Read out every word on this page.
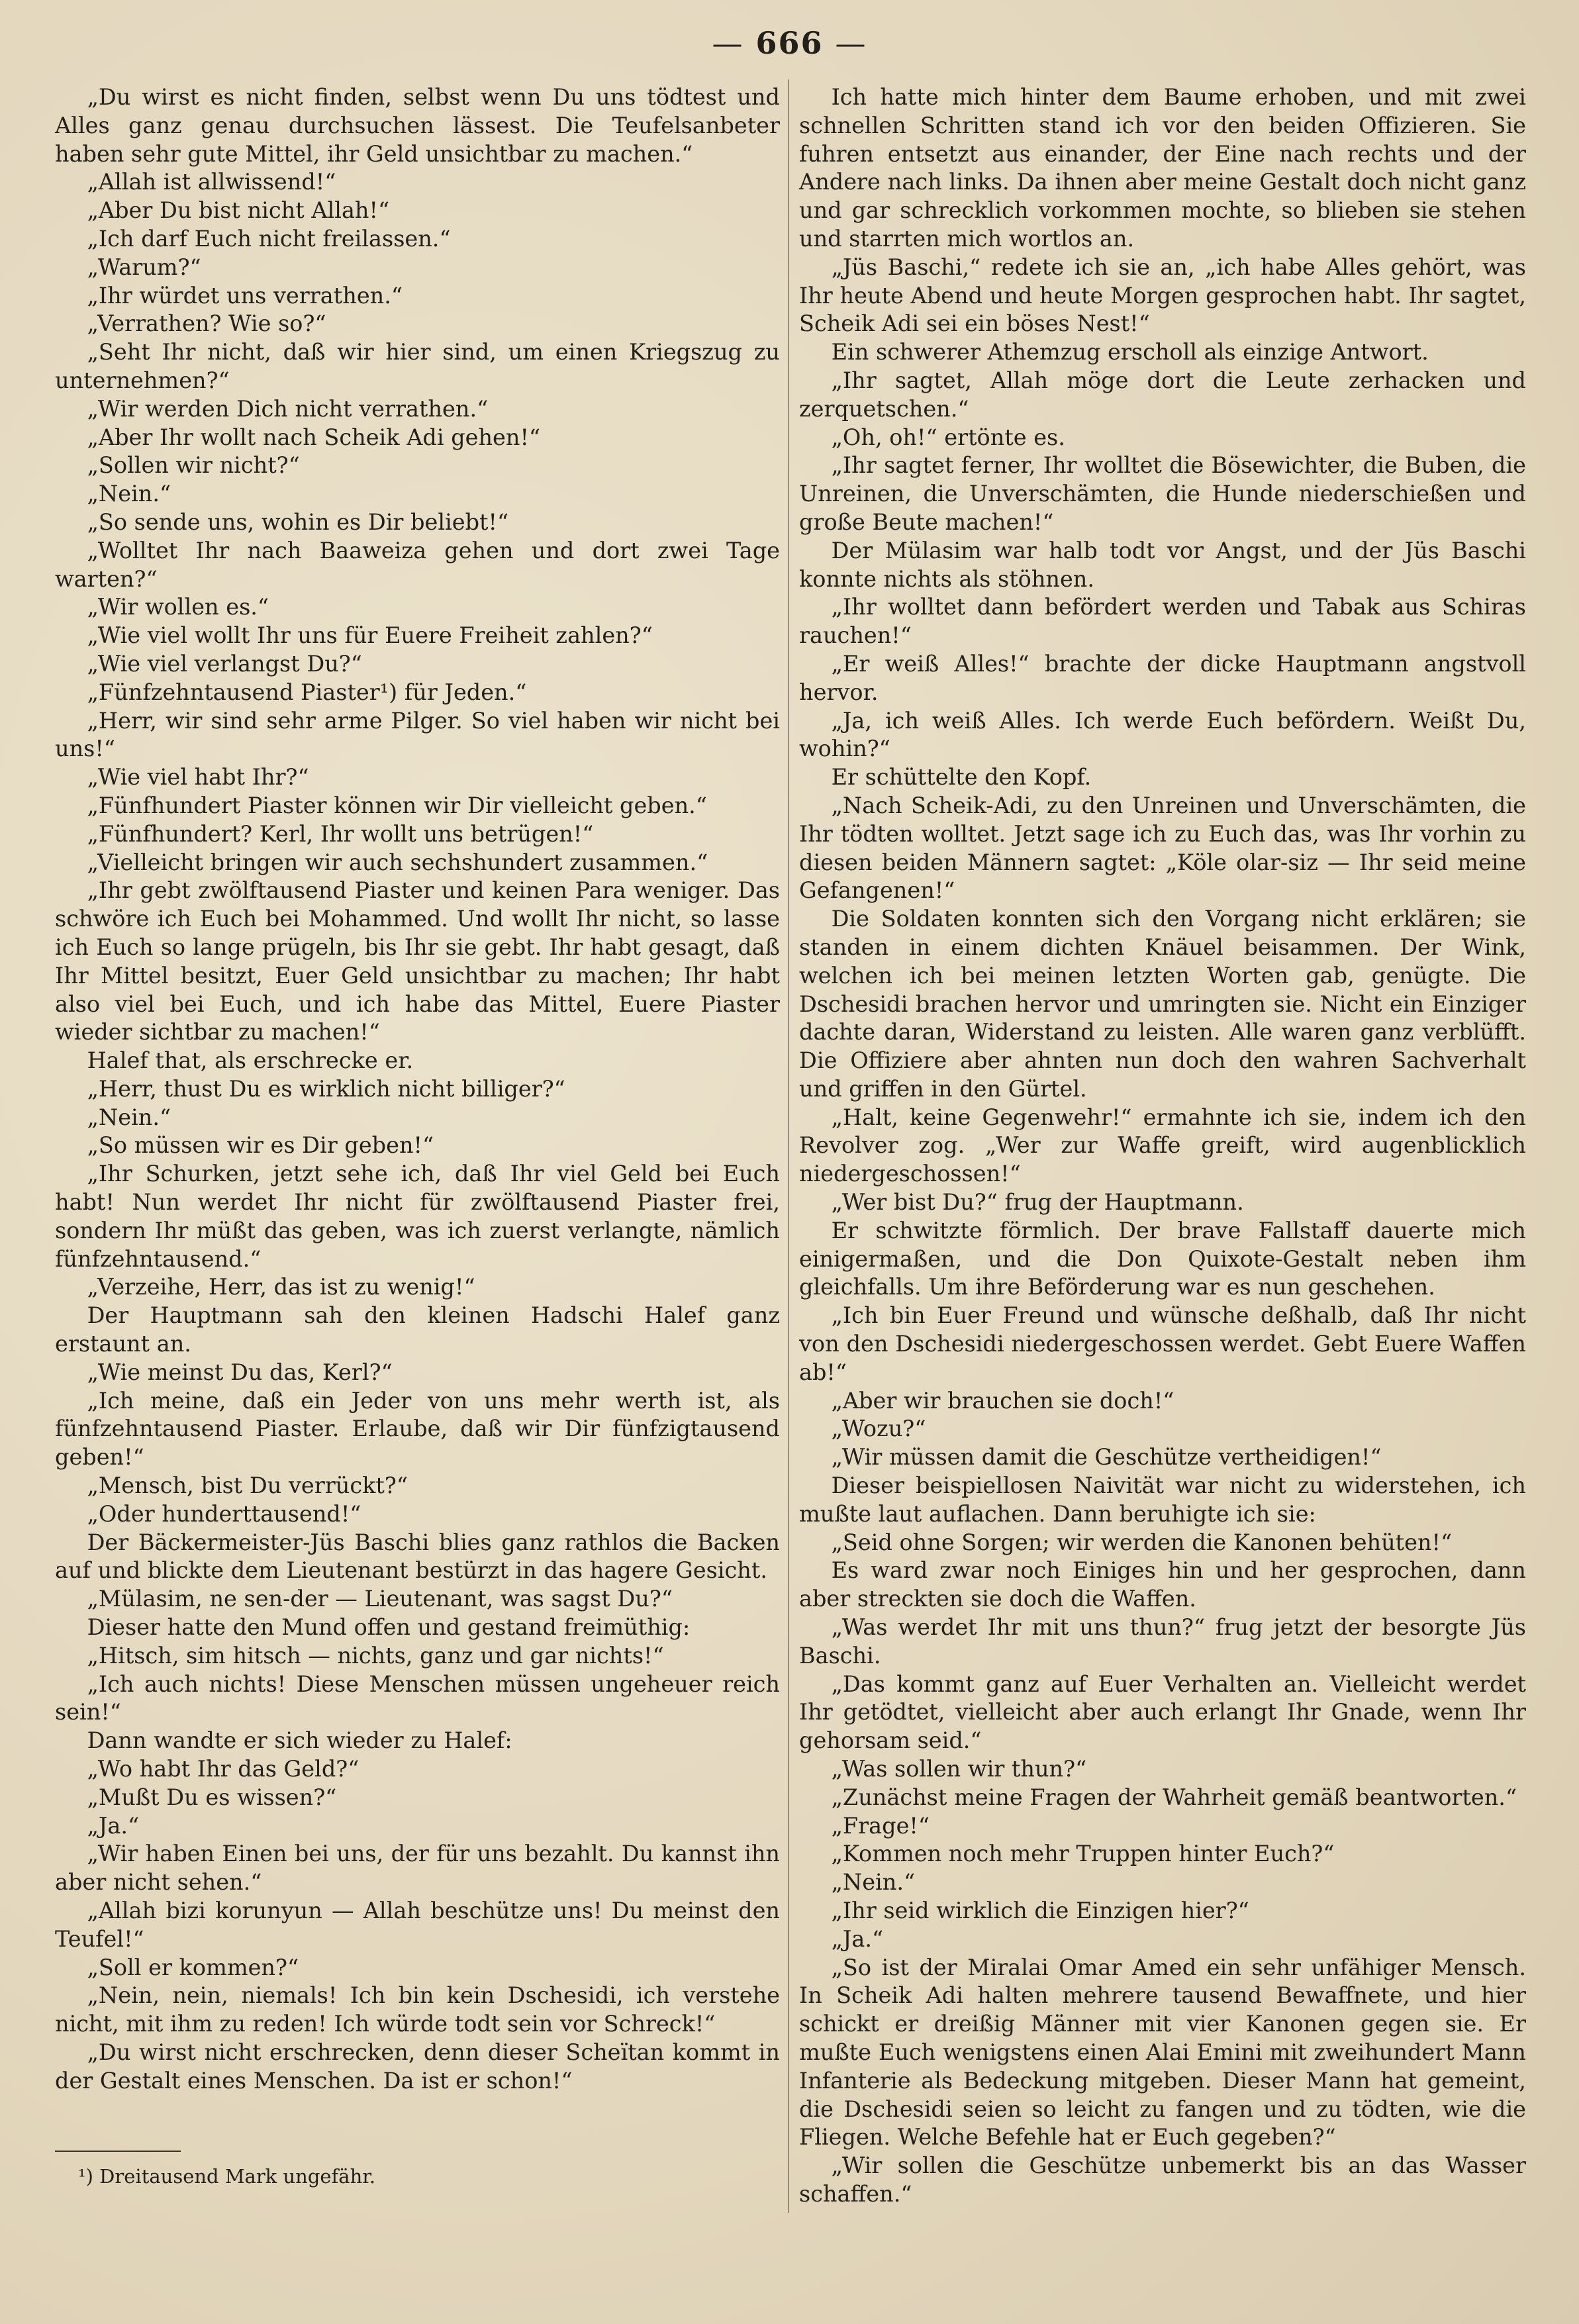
— 666 —

„Du wirst es nicht finden, selbst wenn Du uns tödtest und Alles ganz genau durchsuchen lässest. Die Teufelsanbeter haben sehr gute Mittel, ihr Geld unsichtbar zu machen.“

„Allah ist allwissend!“

„Aber Du bist nicht Allah!“

„Ich darf Euch nicht freilassen.“

„Warum?“

„Ihr würdet uns verrathen.“

„Verrathen? Wie so?“

„Seht Ihr nicht, daß wir hier sind, um einen Kriegszug zu unternehmen?“

„Wir werden Dich nicht verrathen.“

„Aber Ihr wollt nach Scheik Adi gehen!“

„Sollen wir nicht?“

„Nein.“

„So sende uns, wohin es Dir beliebt!“

„Wolltet Ihr nach Baaweiza gehen und dort zwei Tage warten?“

„Wir wollen es.“

„Wie viel wollt Ihr uns für Euere Freiheit zahlen?“

„Wie viel verlangst Du?“

„Fünfzehntausend Piaster¹) für Jeden.“

„Herr, wir sind sehr arme Pilger. So viel haben wir nicht bei uns!“

„Wie viel habt Ihr?“

„Fünfhundert Piaster können wir Dir vielleicht geben.“

„Fünfhundert? Kerl, Ihr wollt uns betrügen!“

„Vielleicht bringen wir auch sechshundert zusammen.“

„Ihr gebt zwölftausend Piaster und keinen Para weniger. Das schwöre ich Euch bei Mohammed. Und wollt Ihr nicht, so lasse ich Euch so lange prügeln, bis Ihr sie gebt. Ihr habt gesagt, daß Ihr Mittel besitzt, Euer Geld unsichtbar zu machen; Ihr habt also viel bei Euch, und ich habe das Mittel, Euere Piaster wieder sichtbar zu machen!“

Halef that, als erschrecke er.

„Herr, thust Du es wirklich nicht billiger?“

„Nein.“

„So müssen wir es Dir geben!“

„Ihr Schurken, jetzt sehe ich, daß Ihr viel Geld bei Euch habt! Nun werdet Ihr nicht für zwölftausend Piaster frei, sondern Ihr müßt das geben, was ich zuerst verlangte, nämlich fünfzehntausend.“

„Verzeihe, Herr, das ist zu wenig!“

Der Hauptmann sah den kleinen Hadschi Halef ganz erstaunt an.

„Wie meinst Du das, Kerl?“

„Ich meine, daß ein Jeder von uns mehr werth ist, als fünfzehntausend Piaster. Erlaube, daß wir Dir fünfzigtausend geben!“

„Mensch, bist Du verrückt?“

„Oder hunderttausend!“

Der Bäckermeister-Jüs Baschi blies ganz rathlos die Backen auf und blickte dem Lieutenant bestürzt in das hagere Gesicht.

„Mülasim, ne sen-der — Lieutenant, was sagst Du?“

Dieser hatte den Mund offen und gestand freimüthig:

„Hitsch, sim hitsch — nichts, ganz und gar nichts!“

„Ich auch nichts! Diese Menschen müssen ungeheuer reich sein!“

Dann wandte er sich wieder zu Halef:

„Wo habt Ihr das Geld?“

„Mußt Du es wissen?“

„Ja.“

„Wir haben Einen bei uns, der für uns bezahlt. Du kannst ihn aber nicht sehen.“

„Allah bizi korunyun — Allah beschütze uns! Du meinst den Teufel!“

„Soll er kommen?“

„Nein, nein, niemals! Ich bin kein Dschesidi, ich verstehe nicht, mit ihm zu reden! Ich würde todt sein vor Schreck!“

„Du wirst nicht erschrecken, denn dieser Scheïtan kommt in der Gestalt eines Menschen. Da ist er schon!“

Ich hatte mich hinter dem Baume erhoben, und mit zwei schnellen Schritten stand ich vor den beiden Offizieren. Sie fuhren entsetzt aus einander, der Eine nach rechts und der Andere nach links. Da ihnen aber meine Gestalt doch nicht ganz und gar schrecklich vorkommen mochte, so blieben sie stehen und starrten mich wortlos an.

„Jüs Baschi,“ redete ich sie an, „ich habe Alles gehört, was Ihr heute Abend und heute Morgen gesprochen habt. Ihr sagtet, Scheik Adi sei ein böses Nest!“

Ein schwerer Athemzug erscholl als einzige Antwort.

„Ihr sagtet, Allah möge dort die Leute zerhacken und zerquetschen.“

„Oh, oh!“ ertönte es.

„Ihr sagtet ferner, Ihr wolltet die Bösewichter, die Buben, die Unreinen, die Unverschämten, die Hunde niederschießen und große Beute machen!“

Der Mülasim war halb todt vor Angst, und der Jüs Baschi konnte nichts als stöhnen.

„Ihr wolltet dann befördert werden und Tabak aus Schiras rauchen!“

„Er weiß Alles!“ brachte der dicke Hauptmann angstvoll hervor.

„Ja, ich weiß Alles. Ich werde Euch befördern. Weißt Du, wohin?“

Er schüttelte den Kopf.

„Nach Scheik-Adi, zu den Unreinen und Unverschämten, die Ihr tödten wolltet. Jetzt sage ich zu Euch das, was Ihr vorhin zu diesen beiden Männern sagtet: „Köle olar-siz — Ihr seid meine Gefangenen!“

Die Soldaten konnten sich den Vorgang nicht erklären; sie standen in einem dichten Knäuel beisammen. Der Wink, welchen ich bei meinen letzten Worten gab, genügte. Die Dschesidi brachen hervor und umringten sie. Nicht ein Einziger dachte daran, Widerstand zu leisten. Alle waren ganz verblüfft. Die Offiziere aber ahnten nun doch den wahren Sachverhalt und griffen in den Gürtel.

„Halt, keine Gegenwehr!“ ermahnte ich sie, indem ich den Revolver zog. „Wer zur Waffe greift, wird augenblicklich niedergeschossen!“

„Wer bist Du?“ frug der Hauptmann.

Er schwitzte förmlich. Der brave Fallstaff dauerte mich einigermaßen, und die Don Quixote-Gestalt neben ihm gleichfalls. Um ihre Beförderung war es nun geschehen.

„Ich bin Euer Freund und wünsche deßhalb, daß Ihr nicht von den Dschesidi niedergeschossen werdet. Gebt Euere Waffen ab!“

„Aber wir brauchen sie doch!“

„Wozu?“

„Wir müssen damit die Geschütze vertheidigen!“

Dieser beispiellosen Naivität war nicht zu widerstehen, ich mußte laut auflachen. Dann beruhigte ich sie:

„Seid ohne Sorgen; wir werden die Kanonen behüten!“

Es ward zwar noch Einiges hin und her gesprochen, dann aber streckten sie doch die Waffen.

„Was werdet Ihr mit uns thun?“ frug jetzt der besorgte Jüs Baschi.

„Das kommt ganz auf Euer Verhalten an. Vielleicht werdet Ihr getödtet, vielleicht aber auch erlangt Ihr Gnade, wenn Ihr gehorsam seid.“

„Was sollen wir thun?“

„Zunächst meine Fragen der Wahrheit gemäß beantworten.“

„Frage!“

„Kommen noch mehr Truppen hinter Euch?“

„Nein.“

„Ihr seid wirklich die Einzigen hier?“

„Ja.“

„So ist der Miralai Omar Amed ein sehr unfähiger Mensch. In Scheik Adi halten mehrere tausend Bewaffnete, und hier schickt er dreißig Männer mit vier Kanonen gegen sie. Er mußte Euch wenigstens einen Alai Emini mit zweihundert Mann Infanterie als Bedeckung mitgeben. Dieser Mann hat gemeint, die Dschesidi seien so leicht zu fangen und zu tödten, wie die Fliegen. Welche Befehle hat er Euch gegeben?“

„Wir sollen die Geschütze unbemerkt bis an das Wasser schaffen.“

¹) Dreitausend Mark ungefähr.
